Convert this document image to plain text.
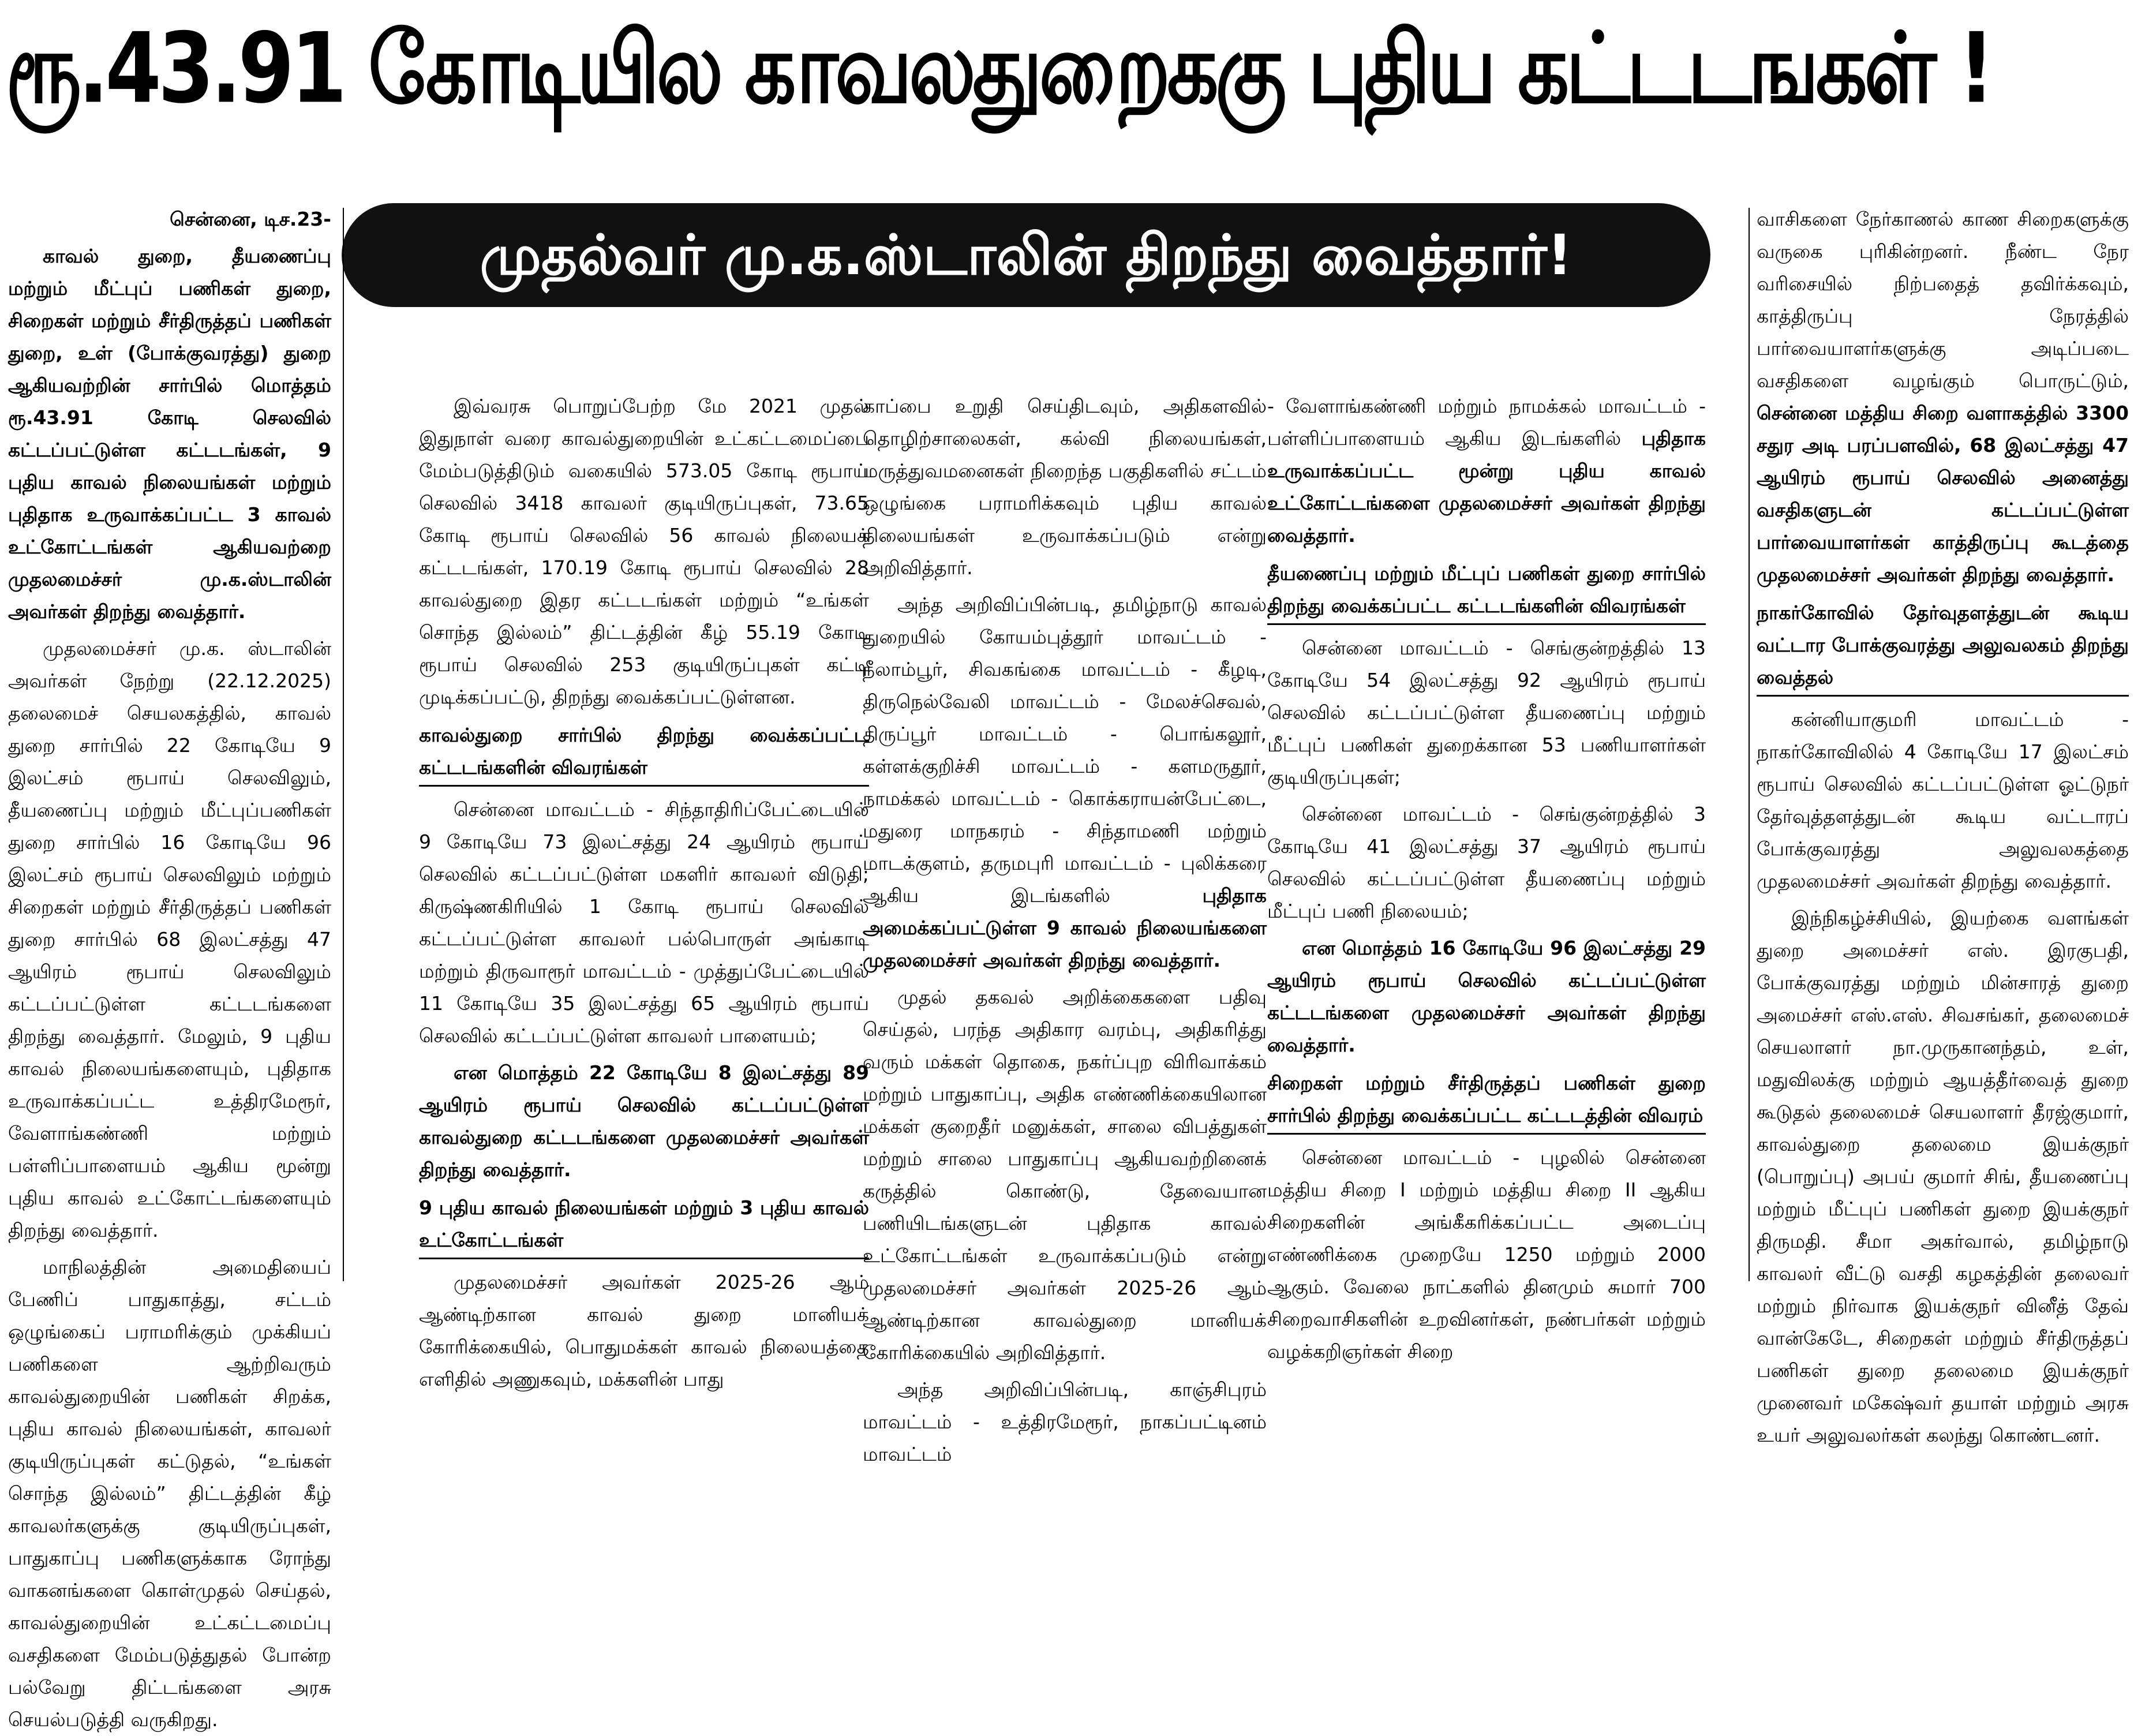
ரூ.43.91 கோடியில காவலதுறைககு புதிய கட்டடஙகள் !
முதல்வர் மு.க.ஸ்டாலின் திறந்து வைத்தார்!

சென்னை, டிச.23-

காவல் துறை, தீயணைப்பு மற்றும் மீட்புப் பணிகள் துறை, சிறைகள் மற்றும் சீர்திருத்தப் பணிகள் துறை, உள் (போக்குவரத்து) துறை ஆகியவற்றின் சார்பில் மொத்தம் ரூ.43.91 கோடி செலவில் கட்டப்பட்டுள்ள கட்டடங்கள், 9 புதிய காவல் நிலையங்கள் மற்றும் புதிதாக உருவாக்கப்பட்ட 3 காவல் உட்கோட்டங்கள் ஆகியவற்றை முதலமைச்சர் மு.க.ஸ்டாலின் அவர்கள் திறந்து வைத்தார்.

முதலமைச்சர் மு.க. ஸ்டாலின் அவர்கள் நேற்று (22.12.2025) தலைமைச் செயலகத்தில், காவல் துறை சார்பில் 22 கோடியே 9 இலட்சம் ரூபாய் செலவிலும், தீயணைப்பு மற்றும் மீட்புப்பணிகள் துறை சார்பில் 16 கோடியே 96 இலட்சம் ரூபாய் செலவிலும் மற்றும் சிறைகள் மற்றும் சீர்திருத்தப் பணிகள் துறை சார்பில் 68 இலட்சத்து 47 ஆயிரம் ரூபாய் செலவிலும் கட்டப்பட்டுள்ள கட்டடங்களை திறந்து வைத்தார். மேலும், 9 புதிய காவல் நிலையங்களையும், புதிதாக உருவாக்கப்பட்ட உத்திரமேரூர், வேளாங்கண்ணி மற்றும் பள்ளிப்பாளையம் ஆகிய மூன்று புதிய காவல் உட்கோட்டங்களையும் திறந்து வைத்தார்.

மாநிலத்தின் அமைதியைப் பேணிப் பாதுகாத்து, சட்டம் ஒழுங்கைப் பராமரிக்கும் முக்கியப் பணிகளை ஆற்றிவரும் காவல்துறையின் பணிகள் சிறக்க, புதிய காவல் நிலையங்கள், காவலர் குடியிருப்புகள் கட்டுதல், “உங்கள் சொந்த இல்லம்” திட்டத்தின் கீழ் காவலர்களுக்கு குடியிருப்புகள், பாதுகாப்பு பணிகளுக்காக ரோந்து வாகனங்களை கொள்முதல் செய்தல், காவல்துறையின் உட்கட்டமைப்பு வசதிகளை மேம்படுத்துதல் போன்ற பல்வேறு திட்டங்களை அரசு செயல்படுத்தி வருகிறது.

இவ்வரசு பொறுப்பேற்ற மே 2021 முதல் இதுநாள் வரை காவல்துறையின் உட்கட்டமைப்பை மேம்படுத்திடும் வகையில் 573.05 கோடி ரூபாய் செலவில் 3418 காவலர் குடியிருப்புகள், 73.65 கோடி ரூபாய் செலவில் 56 காவல் நிலையக் கட்டடங்கள், 170.19 கோடி ரூபாய் செலவில் 28 காவல்துறை இதர கட்டடங்கள் மற்றும் “உங்கள் சொந்த இல்லம்” திட்டத்தின் கீழ் 55.19 கோடி ரூபாய் செலவில் 253 குடியிருப்புகள் கட்டி முடிக்கப்பட்டு, திறந்து வைக்கப்பட்டுள்ளன.

காவல்துறை சார்பில் திறந்து வைக்கப்பட்ட கட்டடங்களின் விவரங்கள்

சென்னை மாவட்டம் - சிந்தாதிரிப்பேட்டையில் 9 கோடியே 73 இலட்சத்து 24 ஆயிரம் ரூபாய் செலவில் கட்டப்பட்டுள்ள மகளிர் காவலர் விடுதி; கிருஷ்ணகிரியில் 1 கோடி ரூபாய் செலவில் கட்டப்பட்டுள்ள காவலர் பல்பொருள் அங்காடி மற்றும் திருவாரூர் மாவட்டம் - முத்துப்பேட்டையில் 11 கோடியே 35 இலட்சத்து 65 ஆயிரம் ரூபாய் செலவில் கட்டப்பட்டுள்ள காவலர் பாளையம்;

என மொத்தம் 22 கோடியே 8 இலட்சத்து 89 ஆயிரம் ரூபாய் செலவில் கட்டப்பட்டுள்ள காவல்துறை கட்டடங்களை முதலமைச்சர் அவர்கள் திறந்து வைத்தார்.

9 புதிய காவல் நிலையங்கள் மற்றும் 3 புதிய காவல் உட்கோட்டங்கள்

முதலமைச்சர் அவர்கள் 2025-26 ஆம் ஆண்டிற்கான காவல் துறை மானியக் கோரிக்கையில், பொதுமக்கள் காவல் நிலையத்தை எளிதில் அணுகவும், மக்களின் பாது

காப்பை உறுதி செய்திடவும், அதிகளவில் தொழிற்சாலைகள், கல்வி நிலையங்கள், மருத்துவமனைகள் நிறைந்த பகுதிகளில் சட்டம் ஒழுங்கை பராமரிக்கவும் புதிய காவல் நிலையங்கள் உருவாக்கப்படும் என்று அறிவித்தார்.

அந்த அறிவிப்பின்படி, தமிழ்நாடு காவல் துறையில் கோயம்புத்தூர் மாவட்டம் - நீலாம்பூர், சிவகங்கை மாவட்டம் - கீழடி, திருநெல்வேலி மாவட்டம் - மேலச்செவல், திருப்பூர் மாவட்டம் - பொங்கலூர், கள்ளக்குறிச்சி மாவட்டம் - களமருதூர், நாமக்கல் மாவட்டம் - கொக்கராயன்பேட்டை, மதுரை மாநகரம் - சிந்தாமணி மற்றும் மாடக்குளம், தருமபுரி மாவட்டம் - புலிக்கரை ஆகிய இடங்களில்	புதிதாக அமைக்கப்பட்டுள்ள 9 காவல் நிலையங்களை முதலமைச்சர் அவர்கள் திறந்து வைத்தார்.

முதல் தகவல் அறிக்கைகளை பதிவு செய்தல், பரந்த அதிகார வரம்பு, அதிகரித்து வரும் மக்கள் தொகை, நகர்ப்புற விரிவாக்கம் மற்றும் பாதுகாப்பு, அதிக எண்ணிக்கையிலான மக்கள் குறைதீர் மனுக்கள், சாலை விபத்துகள் மற்றும் சாலை பாதுகாப்பு ஆகியவற்றினைக் கருத்தில் கொண்டு, தேவையான பணியிடங்களுடன் புதிதாக காவல் உட்கோட்டங்கள் உருவாக்கப்படும் என்று முதலமைச்சர் அவர்கள் 2025-26 ஆம் ஆண்டிற்கான காவல்துறை மானியக் கோரிக்கையில் அறிவித்தார்.

அந்த அறிவிப்பின்படி, காஞ்சிபுரம் மாவட்டம் - உத்திரமேரூர், நாகப்பட்டினம் மாவட்டம்

- வேளாங்கண்ணி மற்றும் நாமக்கல் மாவட்டம் - பள்ளிப்பாளையம் ஆகிய இடங்களில் புதிதாக உருவாக்கப்பட்ட மூன்று புதிய காவல் உட்கோட்டங்களை முதலமைச்சர் அவர்கள் திறந்து வைத்தார்.

தீயணைப்பு மற்றும் மீட்புப் பணிகள் துறை சார்பில் திறந்து வைக்கப்பட்ட கட்டடங்களின் விவரங்கள்

சென்னை மாவட்டம் - செங்குன்றத்தில் 13 கோடியே 54 இலட்சத்து 92 ஆயிரம் ரூபாய் செலவில் கட்டப்பட்டுள்ள தீயணைப்பு மற்றும் மீட்புப் பணிகள் துறைக்கான 53 பணியாளர்கள் குடியிருப்புகள்;

சென்னை மாவட்டம் - செங்குன்றத்தில் 3 கோடியே 41 இலட்சத்து 37 ஆயிரம் ரூபாய் செலவில் கட்டப்பட்டுள்ள தீயணைப்பு மற்றும் மீட்புப் பணி நிலையம்;

என மொத்தம் 16 கோடியே 96 இலட்சத்து 29 ஆயிரம் ரூபாய் செலவில் கட்டப்பட்டுள்ள கட்டடங்களை முதலமைச்சர் அவர்கள் திறந்து வைத்தார்.

சிறைகள் மற்றும் சீர்திருத்தப் பணிகள் துறை சார்பில் திறந்து வைக்கப்பட்ட கட்டடத்தின் விவரம்

சென்னை மாவட்டம் - புழலில் சென்னை மத்திய சிறை I மற்றும் மத்திய சிறை II ஆகிய சிறைகளின் அங்கீகரிக்கப்பட்ட அடைப்பு எண்ணிக்கை முறையே 1250 மற்றும் 2000 ஆகும். வேலை நாட்களில் தினமும் சுமார் 700 சிறைவாசிகளின் உறவினர்கள், நண்பர்கள் மற்றும் வழக்கறிஞர்கள் சிறை

வாசிகளை நேர்காணல் காண சிறைகளுக்கு வருகை புரிகின்றனர். நீண்ட நேர வரிசையில் நிற்பதைத் தவிர்க்கவும், காத்திருப்பு நேரத்தில் பார்வையாளர்களுக்கு அடிப்படை வசதிகளை வழங்கும் பொருட்டும், சென்னை மத்திய சிறை வளாகத்தில் 3300 சதுர அடி பரப்பளவில், 68 இலட்சத்து 47 ஆயிரம் ரூபாய் செலவில் அனைத்து வசதிகளுடன் கட்டப்பட்டுள்ள பார்வையாளர்கள் காத்திருப்பு கூடத்தை முதலமைச்சர் அவர்கள் திறந்து வைத்தார்.

நாகர்கோவில் தேர்வுதளத்துடன் கூடிய வட்டார போக்குவரத்து அலுவலகம் திறந்து வைத்தல்

கன்னியாகுமரி மாவட்டம் - நாகர்கோவிலில் 4 கோடியே 17 இலட்சம் ரூபாய் செலவில் கட்டப்பட்டுள்ள ஓட்டுநர் தேர்வுத்தளத்துடன் கூடிய வட்டாரப் போக்குவரத்து அலுவலகத்தை முதலமைச்சர் அவர்கள் திறந்து வைத்தார்.

இந்நிகழ்ச்சியில், இயற்கை வளங்கள் துறை அமைச்சர் எஸ். இரகுபதி, போக்குவரத்து மற்றும் மின்சாரத் துறை அமைச்சர் எஸ்.எஸ். சிவசங்கர், தலைமைச் செயலாளர் நா.முருகானந்தம், உள், மதுவிலக்கு மற்றும் ஆயத்தீர்வைத் துறை கூடுதல் தலைமைச் செயலாளர் தீரஜ்குமார், காவல்துறை தலைமை இயக்குநர் (பொறுப்பு) அபய் குமார் சிங், தீயணைப்பு மற்றும் மீட்புப் பணிகள் துறை இயக்குநர் திருமதி. சீமா அகர்வால், தமிழ்நாடு காவலர் வீட்டு வசதி கழகத்தின் தலைவர் மற்றும் நிர்வாக இயக்குநர் வினீத் தேவ் வான்கேடே, சிறைகள் மற்றும் சீர்திருத்தப் பணிகள் துறை தலைமை இயக்குநர் முனைவர் மகேஷ்வர் தயாள் மற்றும் அரசு உயர் அலுவலர்கள் கலந்து கொண்டனர்.
